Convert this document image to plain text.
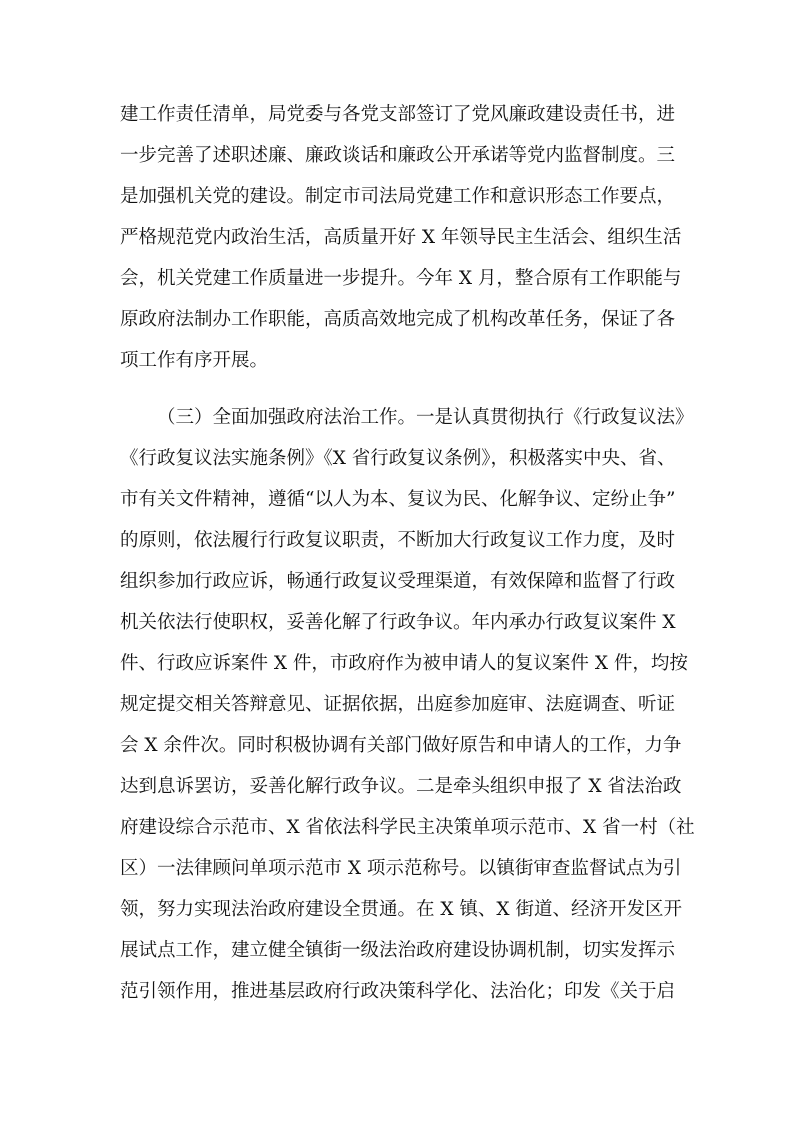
建工作责任清单，局党委与各党支部签订了党风廉政建设责任书，进
一步完善了述职述廉、廉政谈话和廉政公开承诺等党内监督制度。三
是加强机关党的建设。制定市司法局党建工作和意识形态工作要点，
严格规范党内政治生活，高质量开好 X 年领导民主生活会、组织生活
会，机关党建工作质量进一步提升。今年 X 月，整合原有工作职能与
原政府法制办工作职能，高质高效地完成了机构改革任务，保证了各
项工作有序开展。
（三）全面加强政府法治工作。一是认真贯彻执行《行政复议法》
《行政复议法实施条例》《X 省行政复议条例》，积极落实中央、省、
市有关文件精神，遵循“以人为本、复议为民、化解争议、定纷止争”
的原则，依法履行行政复议职责，不断加大行政复议工作力度，及时
组织参加行政应诉，畅通行政复议受理渠道，有效保障和监督了行政
机关依法行使职权，妥善化解了行政争议。年内承办行政复议案件 X
件、行政应诉案件 X 件，市政府作为被申请人的复议案件 X 件，均按
规定提交相关答辩意见、证据依据，出庭参加庭审、法庭调查、听证
会 X 余件次。同时积极协调有关部门做好原告和申请人的工作，力争
达到息诉罢访，妥善化解行政争议。二是牵头组织申报了 X 省法治政
府建设综合示范市、X 省依法科学民主决策单项示范市、X 省一村（社
区）一法律顾问单项示范市 X 项示范称号。以镇街审查监督试点为引
领，努力实现法治政府建设全贯通。在 X 镇、X 街道、经济开发区开
展试点工作，建立健全镇街一级法治政府建设协调机制，切实发挥示
范引领作用，推进基层政府行政决策科学化、法治化；印发《关于启
